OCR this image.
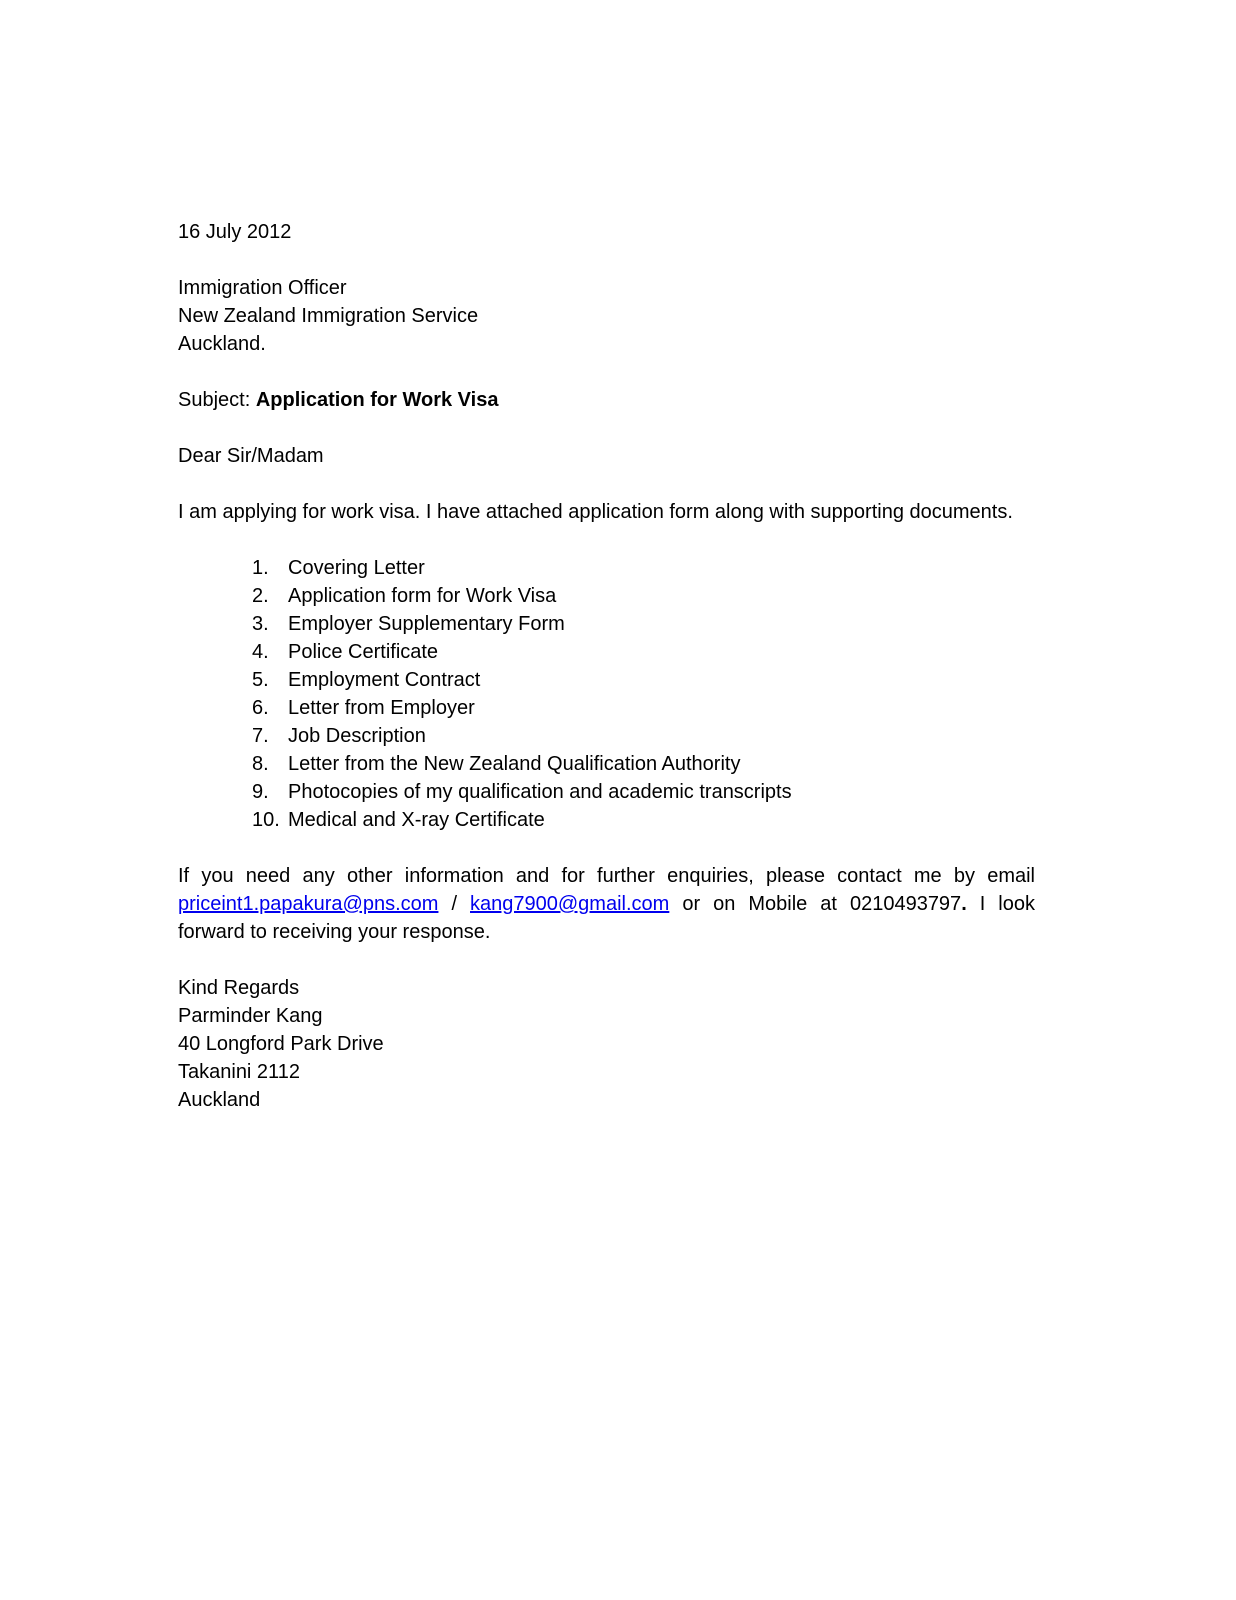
16 July 2012
Immigration Officer
New Zealand Immigration Service
Auckland.
Subject: Application for Work Visa
Dear Sir/Madam
I am applying for work visa. I have attached application form along with supporting documents.
1. Covering Letter
2. Application form for Work Visa
3. Employer Supplementary Form
4. Police Certificate
5. Employment Contract
6. Letter from Employer
7. Job Description
8. Letter from the New Zealand Qualification Authority
9. Photocopies of my qualification and academic transcripts
10. Medical and X-ray Certificate
If you need any other information and for further enquiries, please contact me by email priceint1.papakura@pns.com / kang7900@gmail.com or on Mobile at 0210493797. I look forward to receiving your response.
Kind Regards
Parminder Kang
40 Longford Park Drive
Takanini 2112
Auckland
